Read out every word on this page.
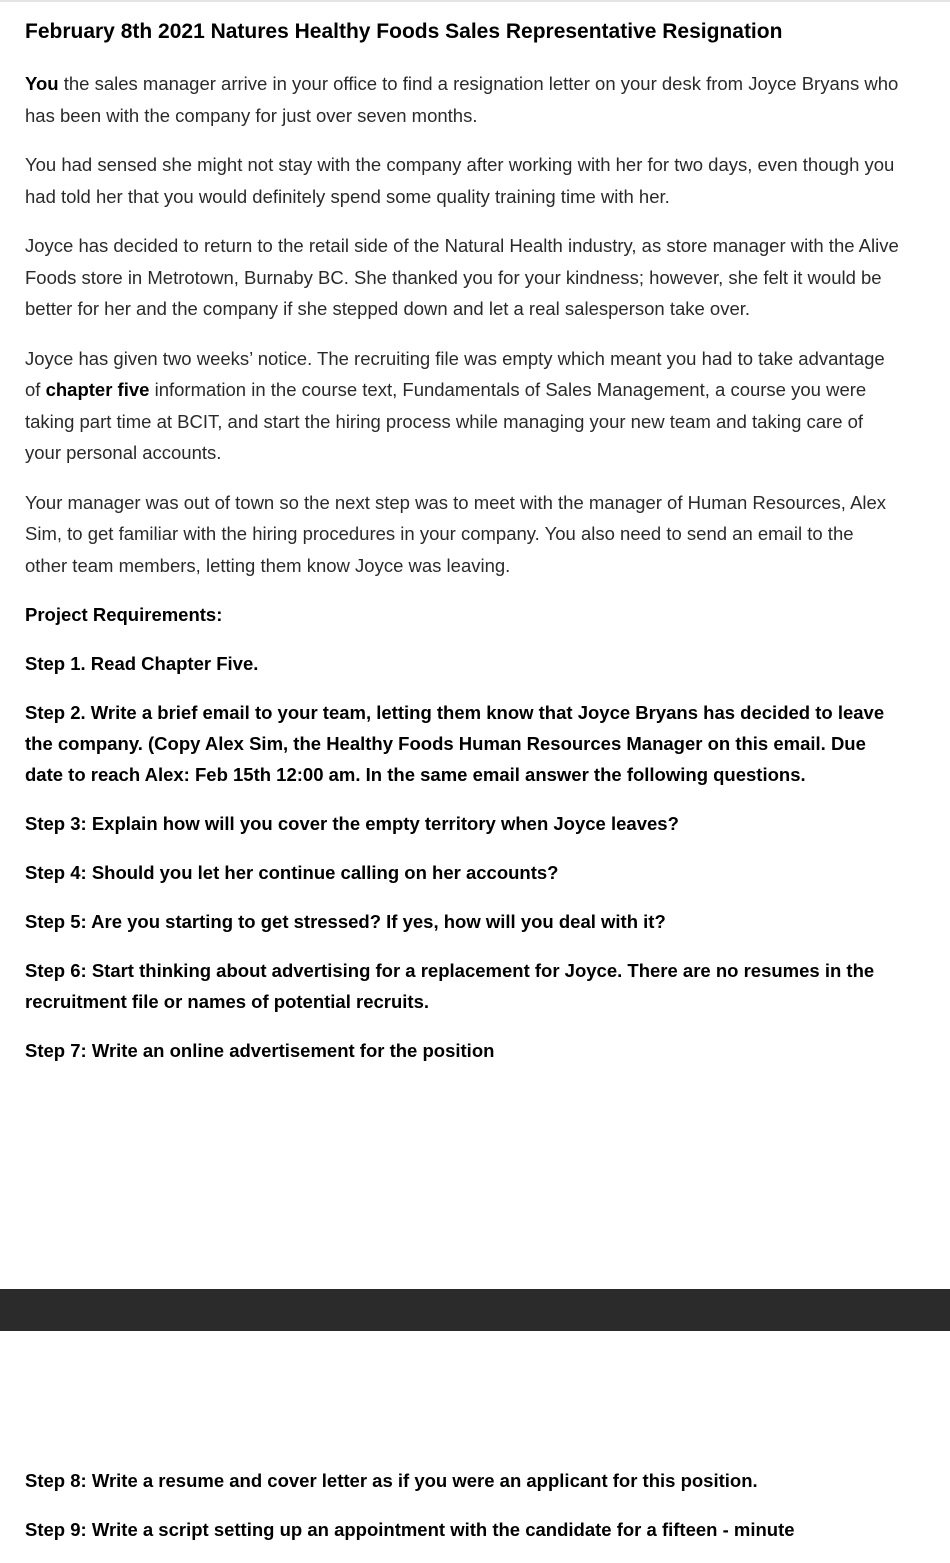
February 8th 2021 Natures Healthy Foods Sales Representative Resignation

You the sales manager arrive in your office to find a resignation letter on your desk from Joyce Bryans who has been with the company for just over seven months.

You had sensed she might not stay with the company after working with her for two days, even though you had told her that you would definitely spend some quality training time with her.

Joyce has decided to return to the retail side of the Natural Health industry, as store manager with the Alive Foods store in Metrotown, Burnaby BC. She thanked you for your kindness; however, she felt it would be better for her and the company if she stepped down and let a real salesperson take over.

Joyce has given two weeks’ notice. The recruiting file was empty which meant you had to take advantage of chapter five information in the course text, Fundamentals of Sales Management, a course you were taking part time at BCIT, and start the hiring process while managing your new team and taking care of your personal accounts.

Your manager was out of town so the next step was to meet with the manager of Human Resources, Alex Sim, to get familiar with the hiring procedures in your company. You also need to send an email to the other team members, letting them know Joyce was leaving.

Project Requirements:

Step 1. Read Chapter Five.

Step 2. Write a brief email to your team, letting them know that Joyce Bryans has decided to leave the company. (Copy Alex Sim, the Healthy Foods Human Resources Manager on this email. Due date to reach Alex: Feb 15th 12:00 am. In the same email answer the following questions.

Step 3: Explain how will you cover the empty territory when Joyce leaves?

Step 4: Should you let her continue calling on her accounts?

Step 5: Are you starting to get stressed? If yes, how will you deal with it?

Step 6: Start thinking about advertising for a replacement for Joyce. There are no resumes in the recruitment file or names of potential recruits.

Step 7: Write an online advertisement for the position

Step 8: Write a resume and cover letter as if you were an applicant for this position.

Step 9: Write a script setting up an appointment with the candidate for a fifteen - minute
